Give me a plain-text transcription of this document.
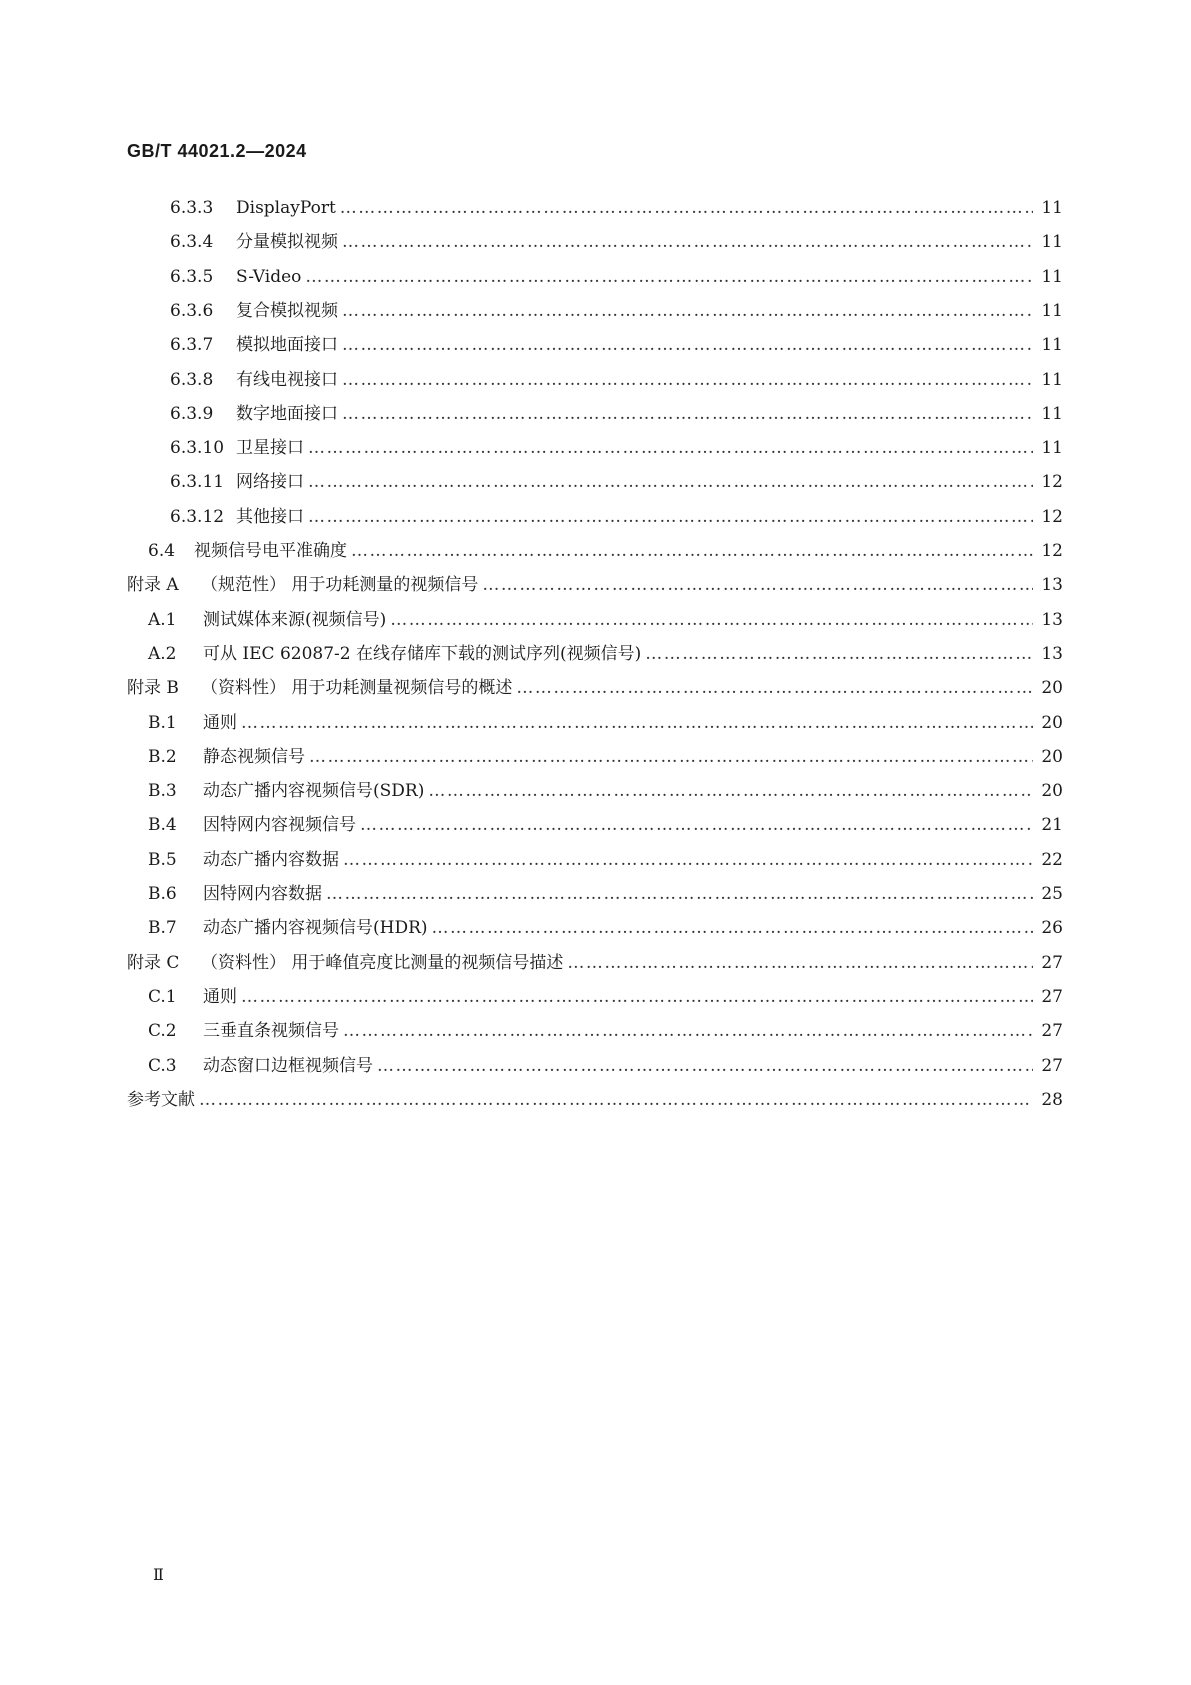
GB/T 44021.2—2024
6.3.3	DisplayPort ………………………………………………………………………………………………………………………………………………………………………………………………………………………………………………………………………………	11
6.3.4	分量模拟视频 ………………………………………………………………………………………………………………………………………………………………………………………………………………………………………………………………………………	11
6.3.5	S-Video ………………………………………………………………………………………………………………………………………………………………………………………………………………………………………………………………………………	11
6.3.6	复合模拟视频 ………………………………………………………………………………………………………………………………………………………………………………………………………………………………………………………………………………	11
6.3.7	模拟地面接口 ………………………………………………………………………………………………………………………………………………………………………………………………………………………………………………………………………………	11
6.3.8	有线电视接口 ………………………………………………………………………………………………………………………………………………………………………………………………………………………………………………………………………………	11
6.3.9	数字地面接口 ………………………………………………………………………………………………………………………………………………………………………………………………………………………………………………………………………………	11
6.3.10 卫星接口 ………………………………………………………………………………………………………………………………………………………………………………………………………………………………………………………………………………	11
6.3.11 网络接口 ………………………………………………………………………………………………………………………………………………………………………………………………………………………………………………………………………………	12
6.3.12 其他接口 ………………………………………………………………………………………………………………………………………………………………………………………………………………………………………………………………………………	12
6.4	视频信号电平准确度 ………………………………………………………………………………………………………………………………………………………………………………………………………………………………………………………………………………	12
附录 A	（规范性） 用于功耗测量的视频信号 ………………………………………………………………………………………………………………………………………………………………………………………………………………………………………………………………………………	13
A.1	测试媒体来源(视频信号) ………………………………………………………………………………………………………………………………………………………………………………………………………………………………………………………………………………	13
A.2	可从 IEC 62087-2 在线存储库下载的测试序列(视频信号) ………………………………………………………………………………………………………………………………………………………………………………………………………………………………………………………………………………	13
附录 B	（资料性） 用于功耗测量视频信号的概述 ………………………………………………………………………………………………………………………………………………………………………………………………………………………………………………………………………………	20
B.1	通则 ………………………………………………………………………………………………………………………………………………………………………………………………………………………………………………………………………………	20
B.2	静态视频信号 ………………………………………………………………………………………………………………………………………………………………………………………………………………………………………………………………………………	20
B.3	动态广播内容视频信号(SDR) ………………………………………………………………………………………………………………………………………………………………………………………………………………………………………………………………………………	20
B.4	因特网内容视频信号 ………………………………………………………………………………………………………………………………………………………………………………………………………………………………………………………………………………	21
B.5	动态广播内容数据 ………………………………………………………………………………………………………………………………………………………………………………………………………………………………………………………………………………	22
B.6	因特网内容数据 ………………………………………………………………………………………………………………………………………………………………………………………………………………………………………………………………………………	25
B.7	动态广播内容视频信号(HDR) ………………………………………………………………………………………………………………………………………………………………………………………………………………………………………………………………………………	26
附录 C	（资料性） 用于峰值亮度比测量的视频信号描述 ………………………………………………………………………………………………………………………………………………………………………………………………………………………………………………………………………………	27
C.1	通则 ………………………………………………………………………………………………………………………………………………………………………………………………………………………………………………………………………………	27
C.2	三垂直条视频信号 ………………………………………………………………………………………………………………………………………………………………………………………………………………………………………………………………………………	27
C.3	动态窗口边框视频信号 ………………………………………………………………………………………………………………………………………………………………………………………………………………………………………………………………………………	27
参考文献 ………………………………………………………………………………………………………………………………………………………………………………………………………………………………………………………………………………	28
Ⅱ
